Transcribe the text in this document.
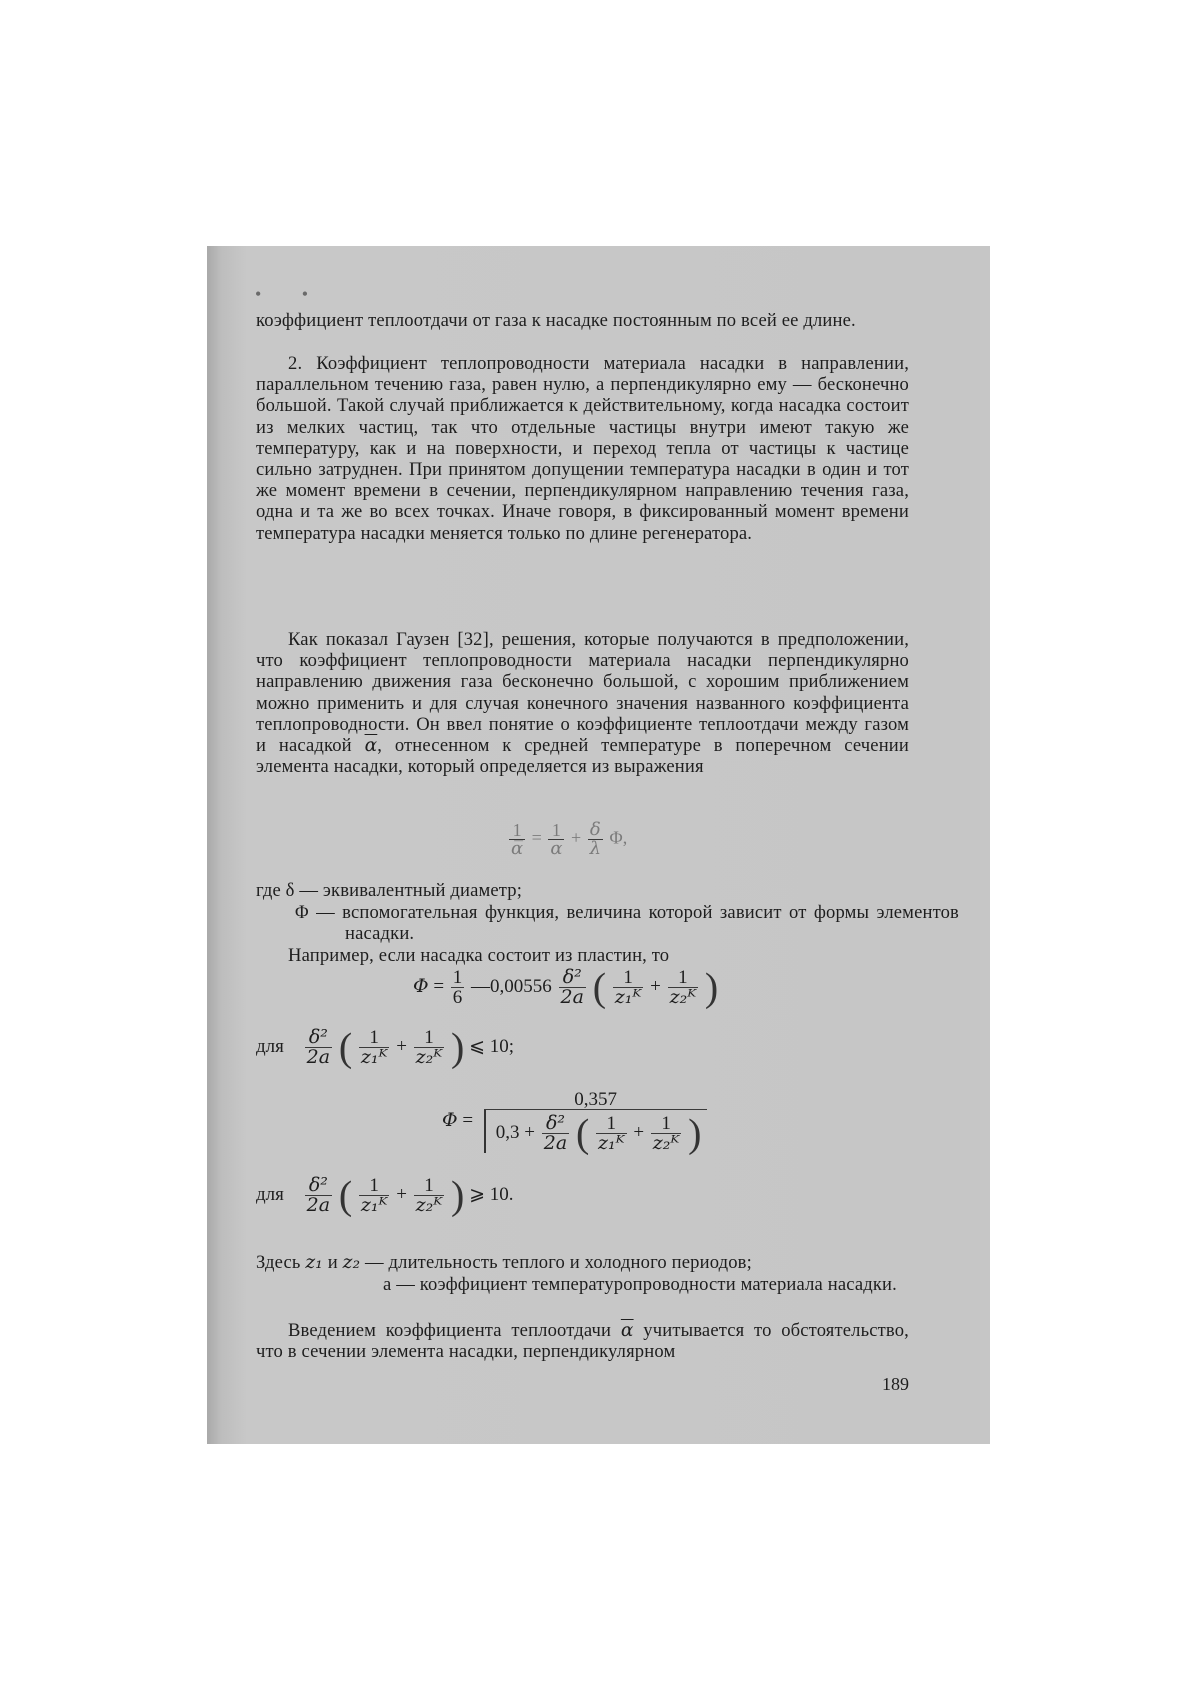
• •

коэффициент теплоотдачи от газа к насадке постоянным по всей ее длине.

2. Коэффициент теплопроводности материала насадки в направлении, параллельном течению газа, равен нулю, а перпендикулярно ему — бесконечно большой. Такой случай приближается к действительному, когда насадка состоит из мелких частиц, так что отдельные частицы внутри имеют такую же температуру, как и на поверхности, и переход тепла от частицы к частице сильно затруднен. При принятом допущении температура насадки в один и тот же момент времени в сечении, перпендикулярном направлению течения газа, одна и та же во всех точках. Иначе говоря, в фиксированный момент времени температура насадки меняется только по длине регенератора.

Как показал Гаузен [32], решения, которые получаются в предположении, что коэффициент теплопроводности материала насадки перпендикулярно направлению движения газа бесконечно большой, с хорошим приближением можно применить и для случая конечного значения названного коэффициента теплопроводности. Он ввел понятие о коэффициенте теплоотдачи между газом и насадкой $\overline{\alpha}$, отнесенном к средней температуре в поперечном сечении элемента насадки, который определяется из выражения

$\frac{1}{\alpha̅} = \frac{1}{\alpha} + \frac{\delta}{\lambda} \Phi$,

где δ — эквивалентный диаметр;

Φ — вспомогательная функция, величина которой зависит от формы элементов насадки.

Например, если насадка состоит из пластин, то

$\Phi = \frac{1}{6}$ —0,00556 $\frac{\text{δ²}}{2a}$ ( $\frac{1}{\text{z₁ᴷ}} + \frac{1}{\text{z₂ᴷ}}$ )
для $\frac{\text{δ²}}{2a}$ ( $\frac{1}{\text{z₁ᴷ}} + \frac{1}{\text{z₂ᴷ}}$ ) ⩽ 10;
Φ =
0,357
$0,3 + \frac{\text{δ²}}{2a}$ ( $\frac{1}{\text{z₁ᴷ}} + \frac{1}{\text{z₂ᴷ}}$ )
для $\frac{\text{δ²}}{2a}$ ( $\frac{1}{\text{z₁ᴷ}} + \frac{1}{\text{z₂ᴷ}}$ ) ⩾ 10.
Здесь z₁ и z₂ — длительность теплого и холодного периодов;

a — коэффициент температуропроводности материала насадки.

Введением коэффициента теплоотдачи $\overline{\alpha}$ учитывается то обстоятельство, что в сечении элемента насадки, перпендикулярном

189
